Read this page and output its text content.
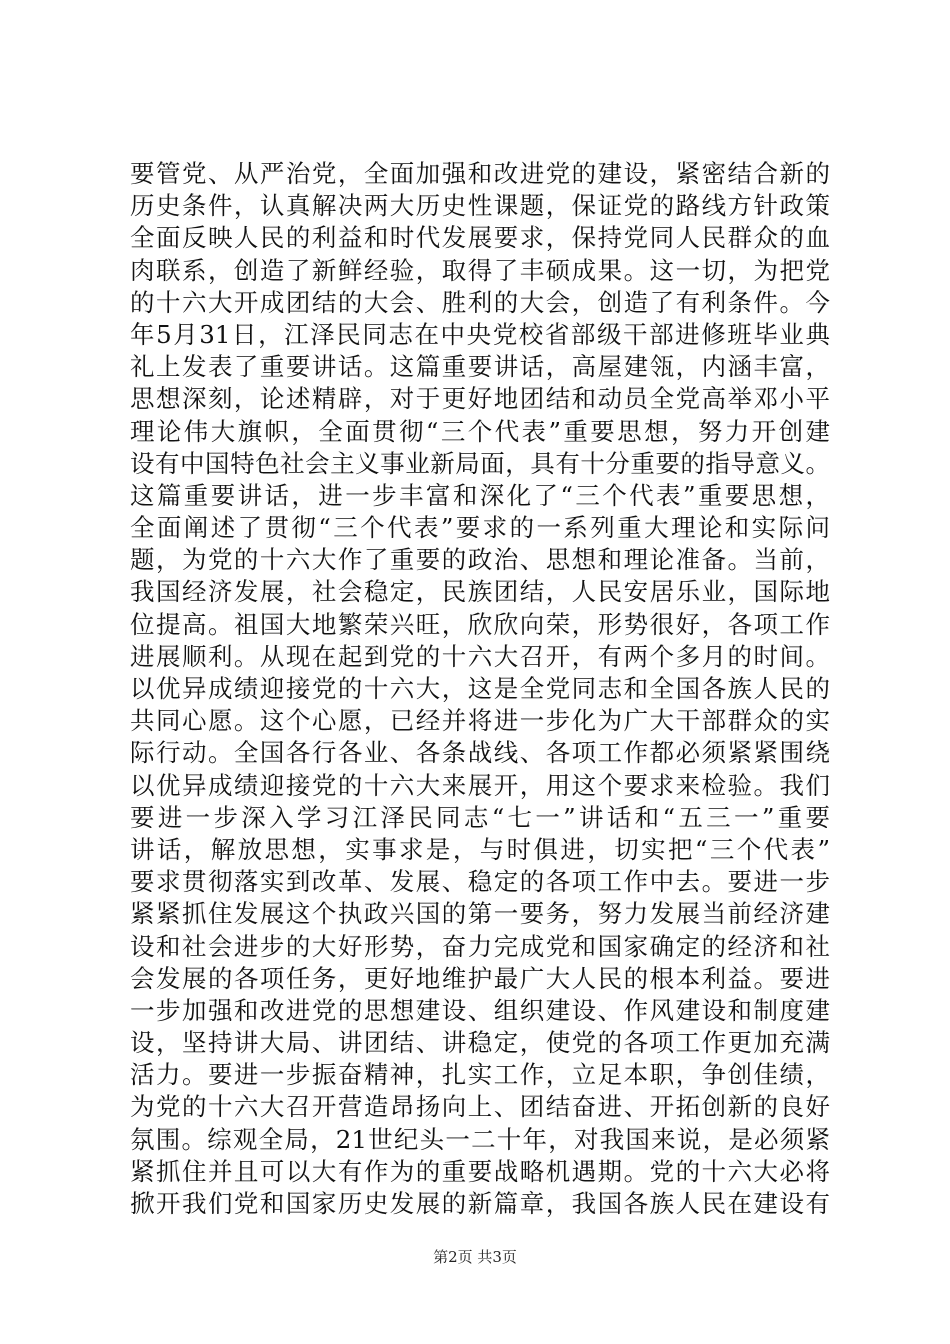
要管党、从严治党，全面加强和改进党的建设，紧密结合新的
历史条件，认真解决两大历史性课题，保证党的路线方针政策
全面反映人民的利益和时代发展要求，保持党同人民群众的血
肉联系，创造了新鲜经验，取得了丰硕成果。这一切，为把党
的十六大开成团结的大会、胜利的大会，创造了有利条件。今
年5月31日，江泽民同志在中央党校省部级干部进修班毕业典
礼上发表了重要讲话。这篇重要讲话，高屋建瓴，内涵丰富，
思想深刻，论述精辟，对于更好地团结和动员全党高举邓小平
理论伟大旗帜，全面贯彻“三个代表”重要思想，努力开创建
设有中国特色社会主义事业新局面，具有十分重要的指导意义。
这篇重要讲话，进一步丰富和深化了“三个代表”重要思想，
全面阐述了贯彻“三个代表”要求的一系列重大理论和实际问
题，为党的十六大作了重要的政治、思想和理论准备。当前，
我国经济发展，社会稳定，民族团结，人民安居乐业，国际地
位提高。祖国大地繁荣兴旺，欣欣向荣，形势很好，各项工作
进展顺利。从现在起到党的十六大召开，有两个多月的时间。
以优异成绩迎接党的十六大，这是全党同志和全国各族人民的
共同心愿。这个心愿，已经并将进一步化为广大干部群众的实
际行动。全国各行各业、各条战线、各项工作都必须紧紧围绕
以优异成绩迎接党的十六大来展开，用这个要求来检验。我们
要进一步深入学习江泽民同志“七一”讲话和“五三一”重要
讲话，解放思想，实事求是，与时俱进，切实把“三个代表”
要求贯彻落实到改革、发展、稳定的各项工作中去。要进一步
紧紧抓住发展这个执政兴国的第一要务，努力发展当前经济建
设和社会进步的大好形势，奋力完成党和国家确定的经济和社
会发展的各项任务，更好地维护最广大人民的根本利益。要进
一步加强和改进党的思想建设、组织建设、作风建设和制度建
设，坚持讲大局、讲团结、讲稳定，使党的各项工作更加充满
活力。要进一步振奋精神，扎实工作，立足本职，争创佳绩，
为党的十六大召开营造昂扬向上、团结奋进、开拓创新的良好
氛围。综观全局，21世纪头一二十年，对我国来说，是必须紧
紧抓住并且可以大有作为的重要战略机遇期。党的十六大必将
掀开我们党和国家历史发展的新篇章，我国各族人民在建设有
第2页 共3页
